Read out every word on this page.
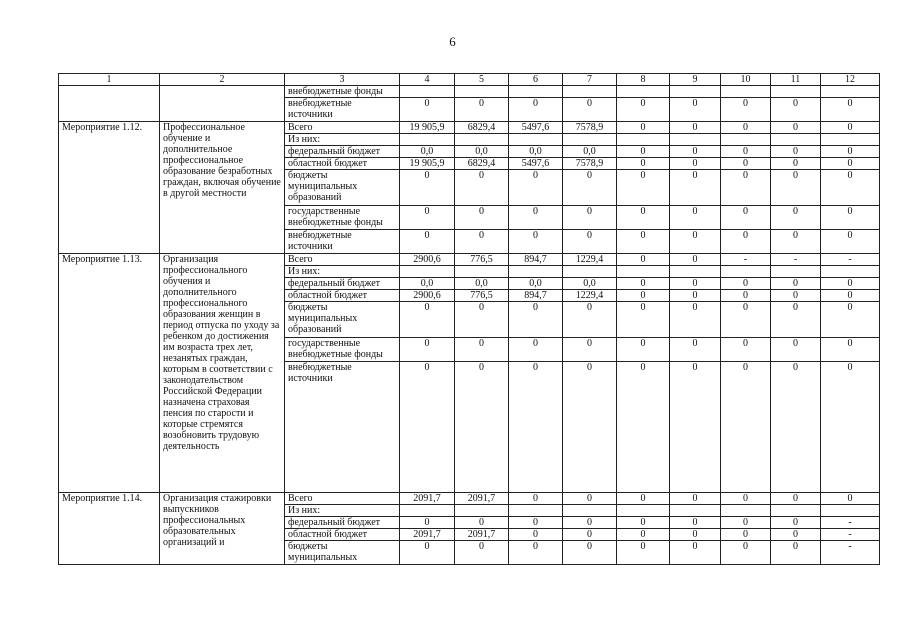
6
1	2	3	4	5	6	7	8	9	10	11	12
		внебюджетные фонды									
		внебюджетные источники	0	0	0	0	0	0	0	0	0
Мероприятие 1.12.	Профессиональное обучение и дополнительное профессиональное образование безработных граждан, включая обучение в другой местности	Всего	19 905,9	6829,4	5497,6	7578,9	0	0	0	0	0
		Из них:									
		федеральный бюджет	0,0	0,0	0,0	0,0	0	0	0	0	0
		областной бюджет	19 905,9	6829,4	5497,6	7578,9	0	0	0	0	0
		бюджеты муниципальных образований	0	0	0	0	0	0	0	0	0
		государственные внебюджетные фонды	0	0	0	0	0	0	0	0	0
		внебюджетные источники	0	0	0	0	0	0	0	0	0
Мероприятие 1.13.	Организация профессионального обучения и дополнительного профессионального образования женщин в период отпуска по уходу за ребенком до достижения им возраста трех лет, незанятых граждан, которым в соответствии с законодательством Российской Федерации назначена страховая пенсия по старости и которые стремятся возобновить трудовую деятельность	Всего	2900,6	776,5	894,7	1229,4	0	0	-	-	-
		Из них:									
		федеральный бюджет	0,0	0,0	0,0	0,0	0	0	0	0	0
		областной бюджет	2900,6	776,5	894,7	1229,4	0	0	0	0	0
		бюджеты муниципальных образований	0	0	0	0	0	0	0	0	0
		государственные внебюджетные фонды	0	0	0	0	0	0	0	0	0
		внебюджетные источники	0	0	0	0	0	0	0	0	0
Мероприятие 1.14.	Организация стажировки выпускников профессиональных образовательных организаций и	Всего	2091,7	2091,7	0	0	0	0	0	0	0
		Из них:									
		федеральный бюджет	0	0	0	0	0	0	0	0	-
		областной бюджет	2091,7	2091,7	0	0	0	0	0	0	-
		бюджеты муниципальных	0	0	0	0	0	0	0	0	-
